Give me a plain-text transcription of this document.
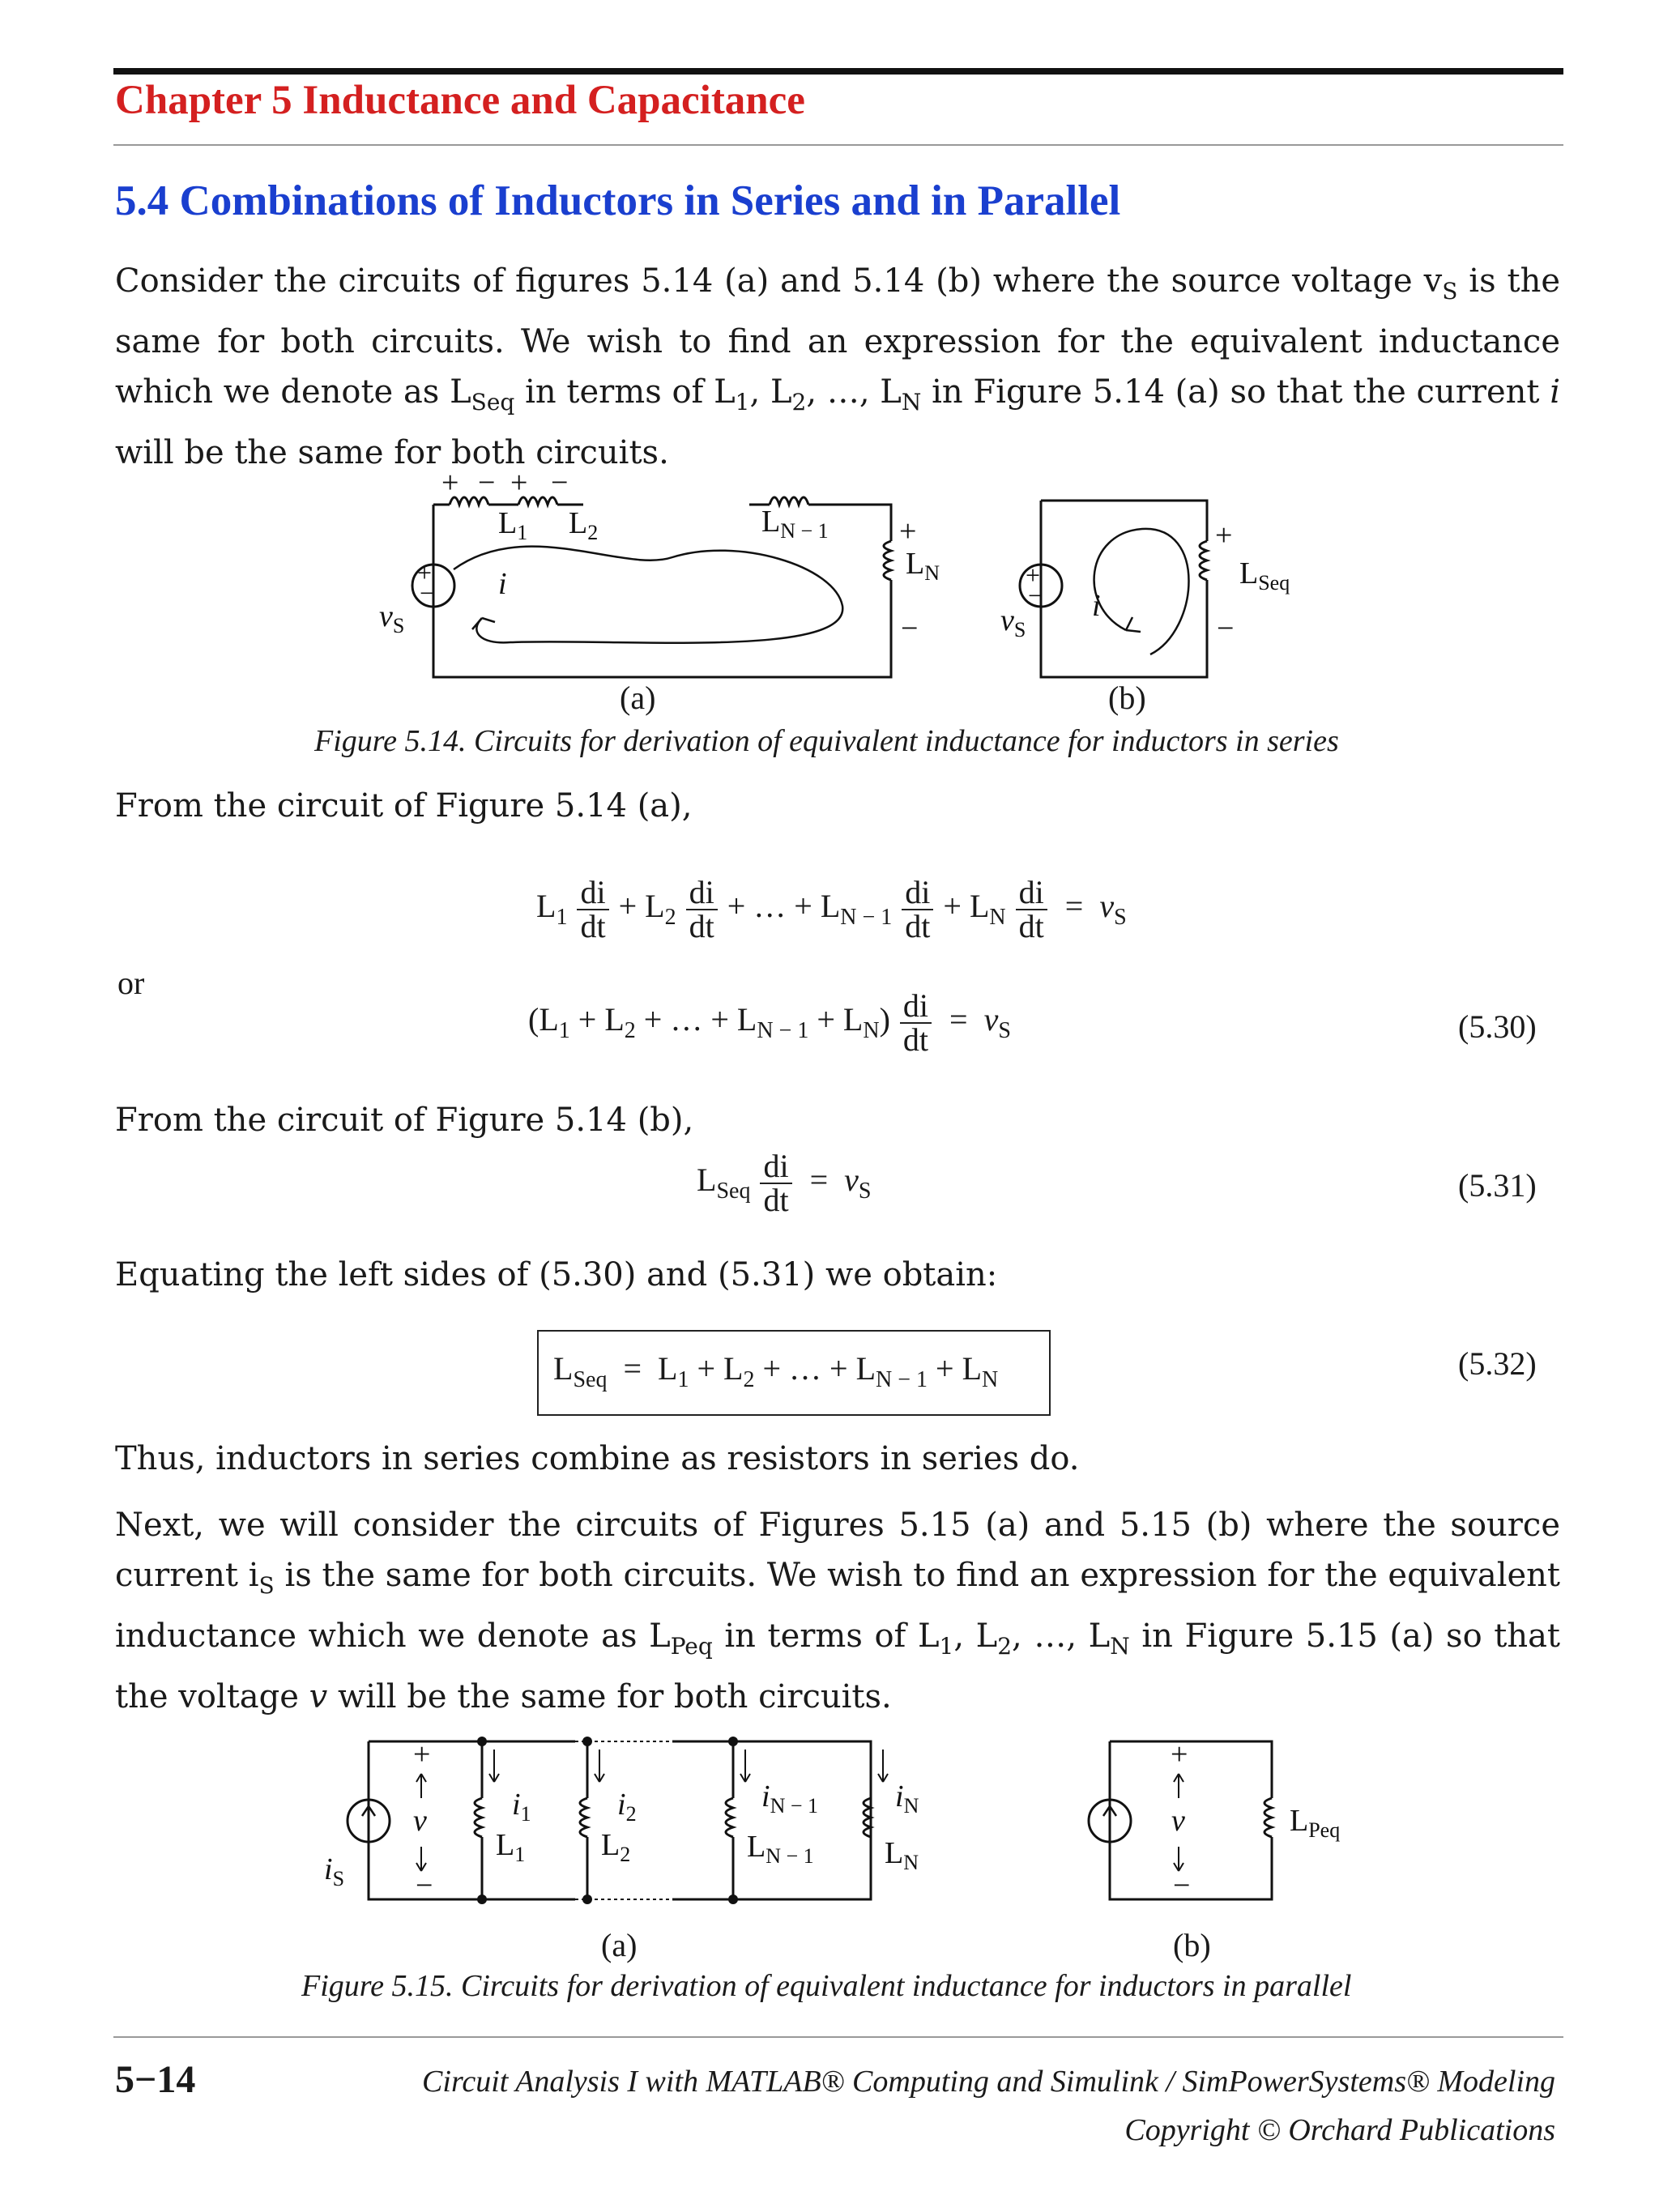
Chapter 5 Inductance and Capacitance
5.4 Combinations of Inductors in Series and in Parallel
Consider the circuits of figures 5.14 (a) and 5.14 (b) where the source voltage $v_S$ is the same for both circuits. We wish to find an expression for the equivalent inductance which we denote as $L_{Seq}$ in terms of $L_1$, $L_2$, …, $L_N$ in Figure 5.14 (a) so that the current i will be the same for both circuits.
+ − + −
$L_1$ $L_2$	$L_{N - 1}$ +
$L_N$
−
+
−
$v_S$
i
+
$L_{Seq}$
−
+
−
$v_S$
i
(a)	(b)
Figure 5.14. Circuits for derivation of equivalent inductance for inductors in series
From the circuit of Figure 5.14 (a),
$L_1 \frac{di}{dt} + L_2 \frac{di}{dt}$ + … + $L_{N - 1} \frac{di}{dt} + L_N \frac{di}{dt} = v_S$
or
($L_1 + L_2$ + … + $L_{N - 1} + L_N) \frac{di}{dt} = v_S$	(5.30)
From the circuit of Figure 5.14 (b),
$L_{Seq} \frac{di}{dt} = v_S$	(5.31)
Equating the left sides of (5.30) and (5.31) we obtain:
$L_{Seq} = L_1 + L_2$ + … + $L_{N - 1} + L_N$	(5.32)
Thus, inductors in series combine as resistors in series do.
Next, we will consider the circuits of Figures 5.15 (a) and 5.15 (b) where the source current $i_S$ is the same for both circuits. We wish to find an expression for the equivalent inductance which we denote as $L_{Peq}$ in terms of $L_1$, $L_2$, …, $L_N$ in Figure 5.15 (a) so that the voltage v will be the same for both circuits.
+
−
v
$i_S$
$i_1$
$L_1$
$i_2$
$L_2$
$i_{N - 1}$
$L_{N - 1}$
$i_N$
$L_N$
+
−
v	$L_{Peq}$
(a)	(b)
Figure 5.15. Circuits for derivation of equivalent inductance for inductors in parallel
5−14	Circuit Analysis I with MATLAB® Computing and Simulink / SimPowerSystems® Modeling
Copyright © Orchard Publications
